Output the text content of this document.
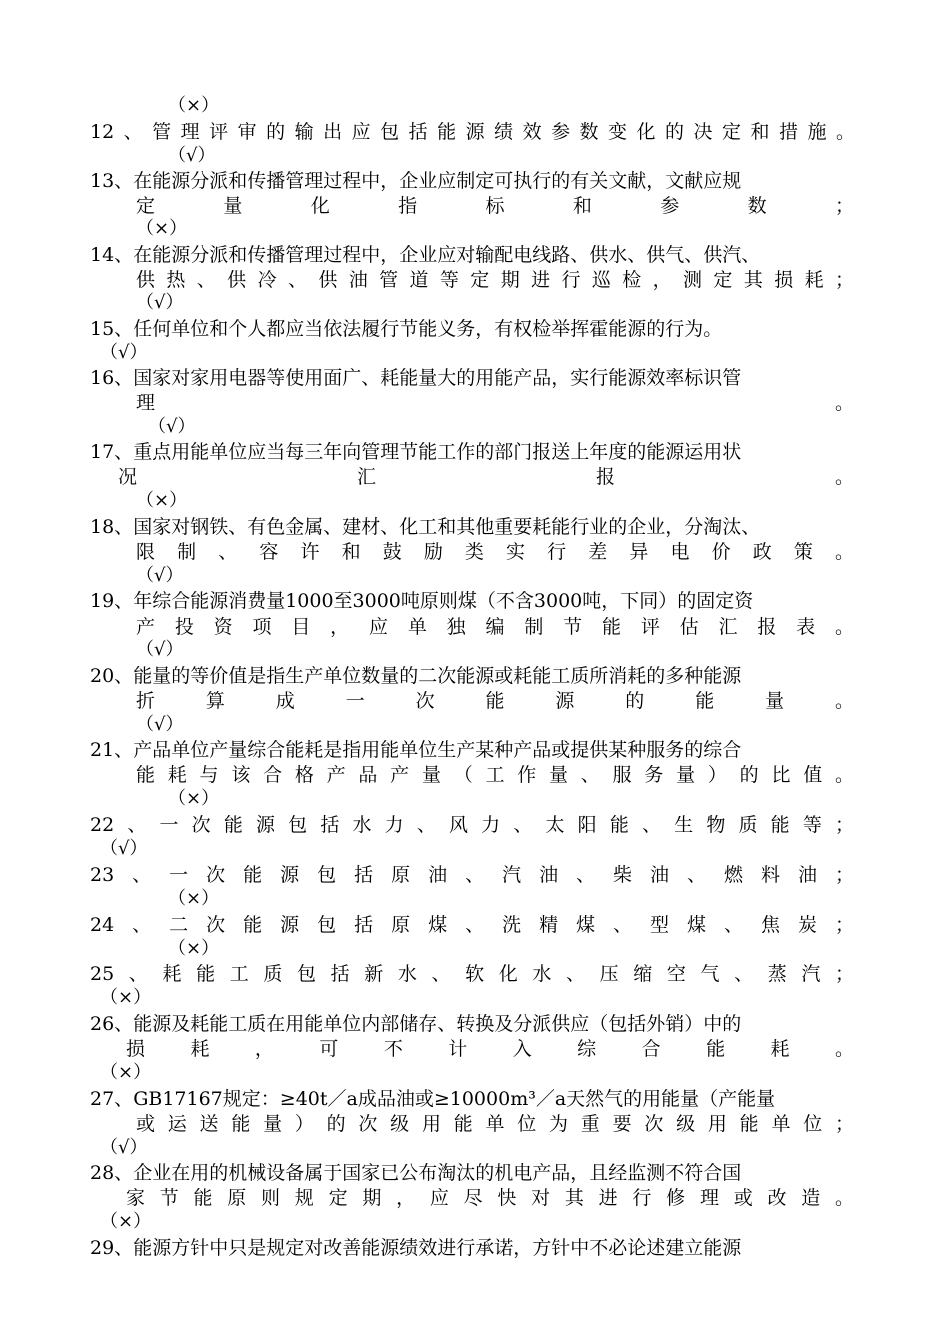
（×）
12、管理评审的输出应包括能源绩效参数变化的决定和措施。
（√）
13、在能源分派和传播管理过程中，企业应制定可执行的有关文献，文献应规
定量化指标和参数；
（×）
14、在能源分派和传播管理过程中，企业应对输配电线路、供水、供气、供汽、
供热、供冷、供油管道等定期进行巡检，测定其损耗；
（√）
15、任何单位和个人都应当依法履行节能义务，有权检举挥霍能源的行为。
（√）
16、国家对家用电器等使用面广、耗能量大的用能产品，实行能源效率标识管
理。
（√）
17、重点用能单位应当每三年向管理节能工作的部门报送上年度的能源运用状
况汇报。
（×）
18、国家对钢铁、有色金属、建材、化工和其他重要耗能行业的企业，分淘汰、
限制、容许和鼓励类实行差异电价政策。
（√）
19、年综合能源消费量1000至3000吨原则煤（不含3000吨，下同）的固定资
产投资项目，应单独编制节能评估汇报表。
（√）
20、能量的等价值是指生产单位数量的二次能源或耗能工质所消耗的多种能源
折算成一次能源的能量。
（√）
21、产品单位产量综合能耗是指用能单位生产某种产品或提供某种服务的综合
能耗与该合格产品产量（工作量、服务量）的比值。
（×）
22、一次能源包括水力、风力、太阳能、生物质能等；
（√）
23、一次能源包括原油、汽油、柴油、燃料油；
（×）
24、二次能源包括原煤、洗精煤、型煤、焦炭；
（×）
25、耗能工质包括新水、软化水、压缩空气、蒸汽；
（×）
26、能源及耗能工质在用能单位内部储存、转换及分派供应（包括外销）中的
损耗，可不计入综合能耗。
（×）
27、GB17167规定：≥40t／a成品油或≥10000m³／a天然气的用能量（产能量
或运送能量）的次级用能单位为重要次级用能单位；
（√）
28、企业在用的机械设备属于国家已公布淘汰的机电产品，且经监测不符合国
家节能原则规定期，应尽快对其进行修理或改造。
（×）
29、能源方针中只是规定对改善能源绩效进行承诺，方针中不必论述建立能源
